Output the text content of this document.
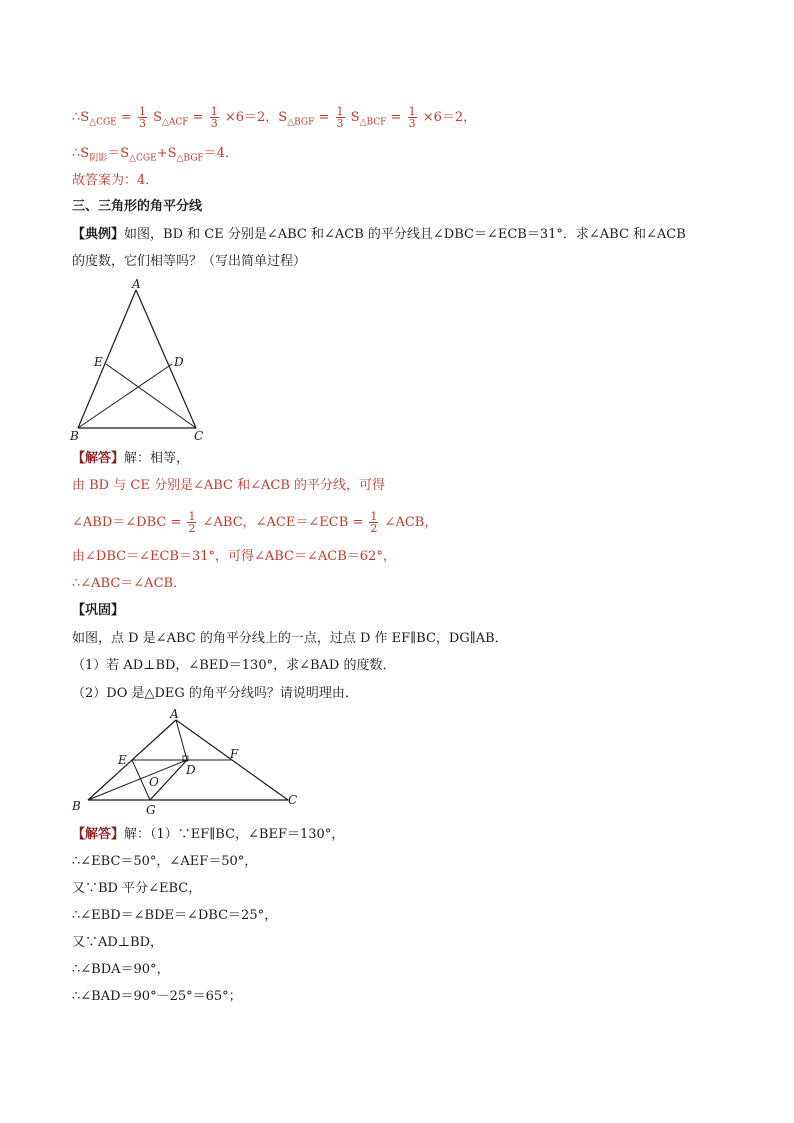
$\therefore S_{\triangle CGE} = \frac{1}{3} S_{\triangle ACF} = \frac{1}{3} \times 6=2$，$S_{\triangle BGF} = \frac{1}{3} S_{\triangle BCF} = \frac{1}{3} \times 6=2$，
$\therefore S_{阴影}=S_{\triangle CGE}+S_{\triangle BGF}=4$．
故答案为：4．
三、三角形的角平分线
【典例】如图，BD 和 CE 分别是∠ABC 和∠ACB 的平分线且∠DBC＝∠ECB＝31°．求∠ABC 和∠ACB
的度数，它们相等吗？（写出简单过程）
A
B	C
D
E
【解答】解：相等，
由 BD 与 CE 分别是∠ABC 和∠ACB 的平分线，可得
∠ABD＝∠DBC = $\frac{1}{2}$ ∠ABC，∠ACE＝∠ECB = $\frac{1}{2}$ ∠ACB，
由∠DBC＝∠ECB＝31°，可得∠ABC＝∠ACB＝62°，
∴∠ABC＝∠ACB．
【巩固】
如图，点 D 是∠ABC 的角平分线上的一点，过点 D 作 EF∥BC，DG∥AB．
（1）若 AD⊥BD，∠BED＝130°，求∠BAD 的度数．
（2）DO 是△DEG 的角平分线吗？请说明理由．
A
B	C
D
E	F
G
O
【解答】解：（1）∵EF∥BC，∠BEF＝130°，
∴∠EBC＝50°，∠AEF＝50°，
又∵BD 平分∠EBC，
∴∠EBD＝∠BDE＝∠DBC＝25°，
又∵AD⊥BD，
∴∠BDA＝90°，
∴∠BAD＝90°－25°＝65°；
